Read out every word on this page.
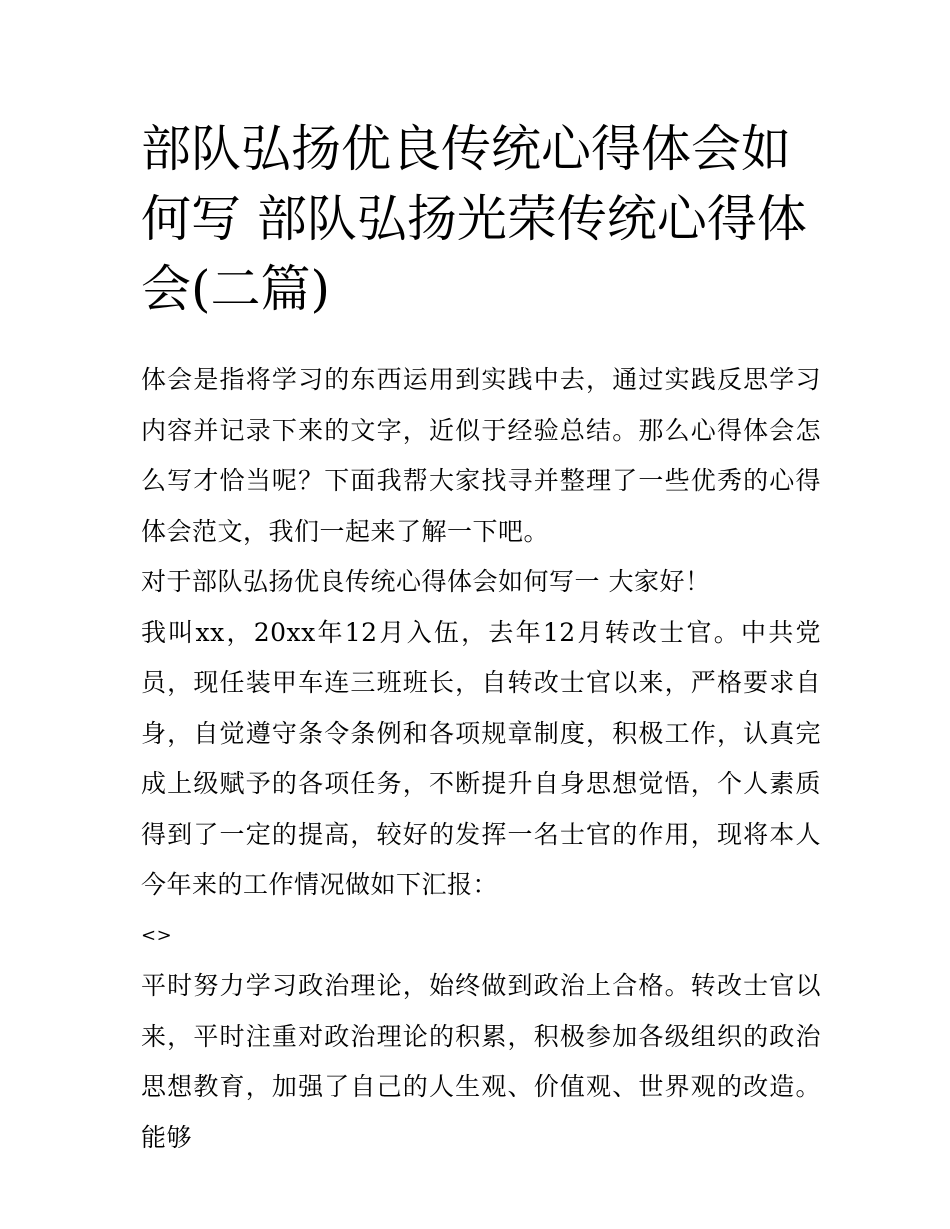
部队弘扬优良传统心得体会如何写 部队弘扬光荣传统心得体会(二篇)

体会是指将学习的东西运用到实践中去，通过实践反思学习内容并记录下来的文字，近似于经验总结。那么心得体会怎么写才恰当呢？下面我帮大家找寻并整理了一些优秀的心得体会范文，我们一起来了解一下吧。

对于部队弘扬优良传统心得体会如何写一 大家好！

我叫xx，20xx年12月入伍，去年12月转改士官。中共党员，现任装甲车连三班班长，自转改士官以来，严格要求自身，自觉遵守条令条例和各项规章制度，积极工作，认真完成上级赋予的各项任务，不断提升自身思想觉悟，个人素质得到了一定的提高，较好的发挥一名士官的作用，现将本人今年来的工作情况做如下汇报：

<>

平时努力学习政治理论，始终做到政治上合格。转改士官以来，平时注重对政治理论的积累，积极参加各级组织的政治思想教育，加强了自己的人生观、价值观、世界观的改造。能够
